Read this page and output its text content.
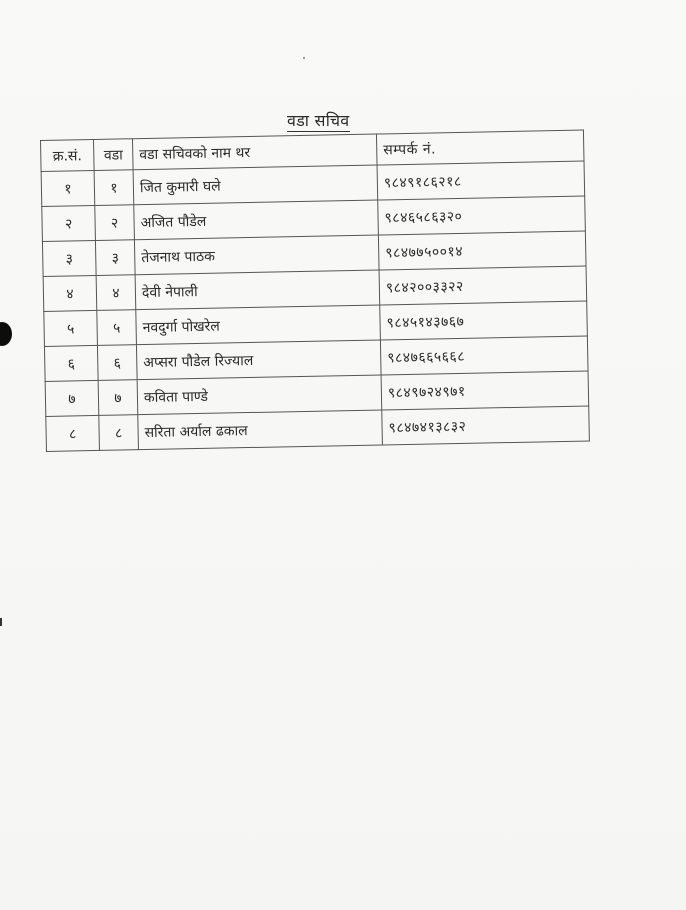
वडा सचिव
क्र.सं.	वडा	वडा सचिवको नाम थर	सम्पर्क नं.
१	१	जित कुमारी घले	९८४९१८६२१८
२	२	अजित पौडेल	९८४६५८६३२०
३	३	तेजनाथ पाठक	९८४७७५००१४
४	४	देवी नेपाली	९८४२००३३२२
५	५	नवदुर्गा पोखरेल	९८४५१४३७६७
६	६	अप्सरा पौडेल रिज्याल	९८४७६६५६६८
७	७	कविता पाण्डे	९८४९७२४९७१
८	८	सरिता अर्याल ढकाल	९८४७४१३८३२
